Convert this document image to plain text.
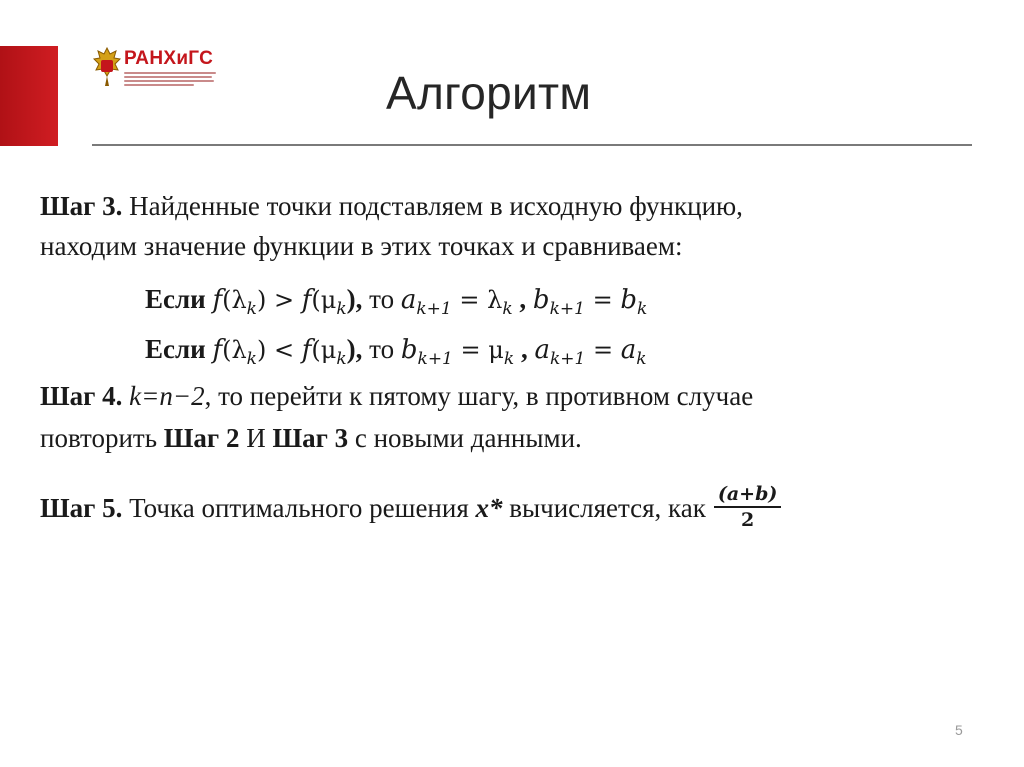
РАНХиГС
Алгоритм
Шаг 3. Найденные точки подставляем в исходную функцию,
находим значение функции в этих точках и сравниваем:
Если $f(\lambda_k) > f(\mu_k)$, то $a_{k+1} = \lambda_k$ , $b_{k+1} = b_k$
Если $f(\lambda_k) < f(\mu_k)$, то $b_{k+1} = \mu_k$ , $a_{k+1} = a_k$
Шаг 4. k=n−2, то перейти к пятому шагу, в противном случае
повторить Шаг 2 И Шаг 3 с новыми данными.
Шаг 5. Точка оптимального решения x* вычисляется, как $\frac{(a+b)}{2}$
5
